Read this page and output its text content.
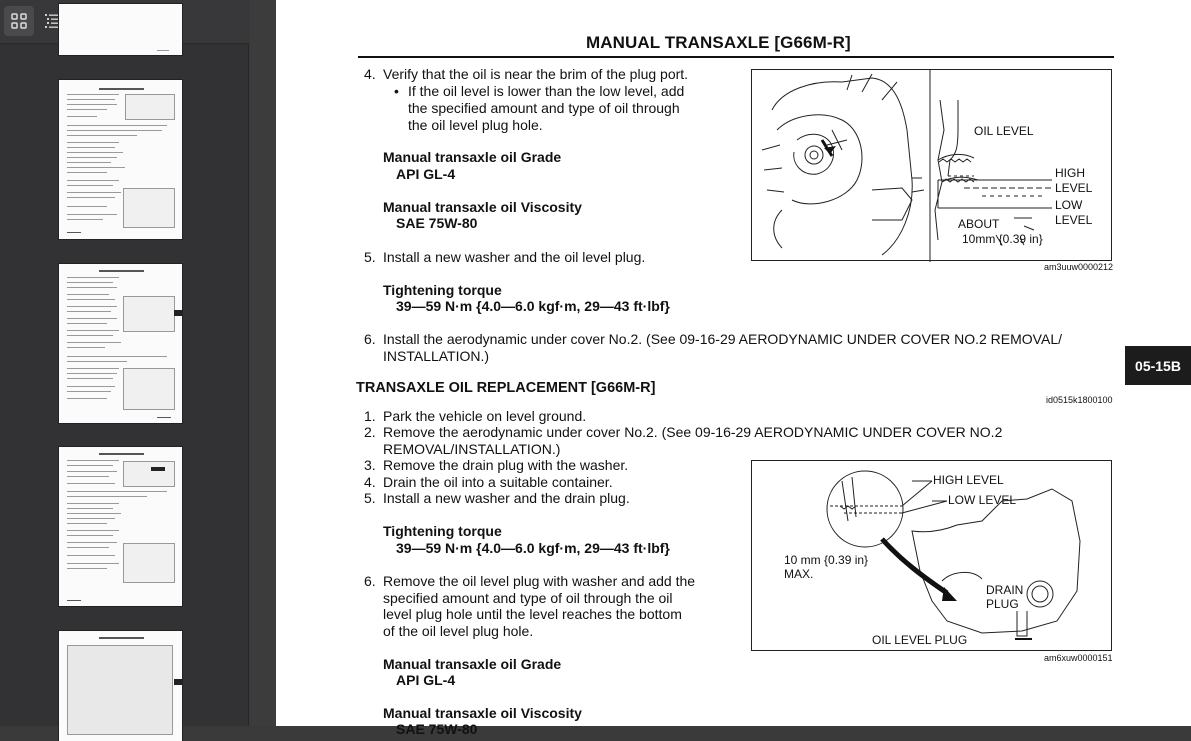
MANUAL TRANSAXLE [G66M-R]
4. Verify that the oil is near the brim of the plug port.
• If the oil level is lower than the low level, add
the specified amount and type of oil through
the oil level plug hole.
Manual transaxle oil Grade
API GL-4
Manual transaxle oil Viscosity
SAE 75W-80
5. Install a new washer and the oil level plug.
Tightening torque
39—59 N·m {4.0—6.0 kgf·m, 29—43 ft·lbf}
6. Install the aerodynamic under cover No.2. (See 09-16-29 AERODYNAMIC UNDER COVER NO.2 REMOVAL/
INSTALLATION.)
OIL LEVEL
HIGH
LEVEL
LOW
LEVEL
ABOUT
10mm {0.39 in}
am3uuw0000212
05-15B
TRANSAXLE OIL REPLACEMENT [G66M-R]
id0515k1800100
1. Park the vehicle on level ground.
2. Remove the aerodynamic under cover No.2. (See 09-16-29 AERODYNAMIC UNDER COVER NO.2
REMOVAL/INSTALLATION.)
3. Remove the drain plug with the washer.
4. Drain the oil into a suitable container.
5. Install a new washer and the drain plug.
Tightening torque
39—59 N·m {4.0—6.0 kgf·m, 29—43 ft·lbf}
6. Remove the oil level plug with washer and add the
specified amount and type of oil through the oil
level plug hole until the level reaches the bottom
of the oil level plug hole.
Manual transaxle oil Grade
API GL-4
Manual transaxle oil Viscosity
SAE 75W-80
HIGH LEVEL
LOW LEVEL
10 mm {0.39 in}
MAX.
DRAIN
PLUG
OIL LEVEL PLUG
am6xuw0000151
